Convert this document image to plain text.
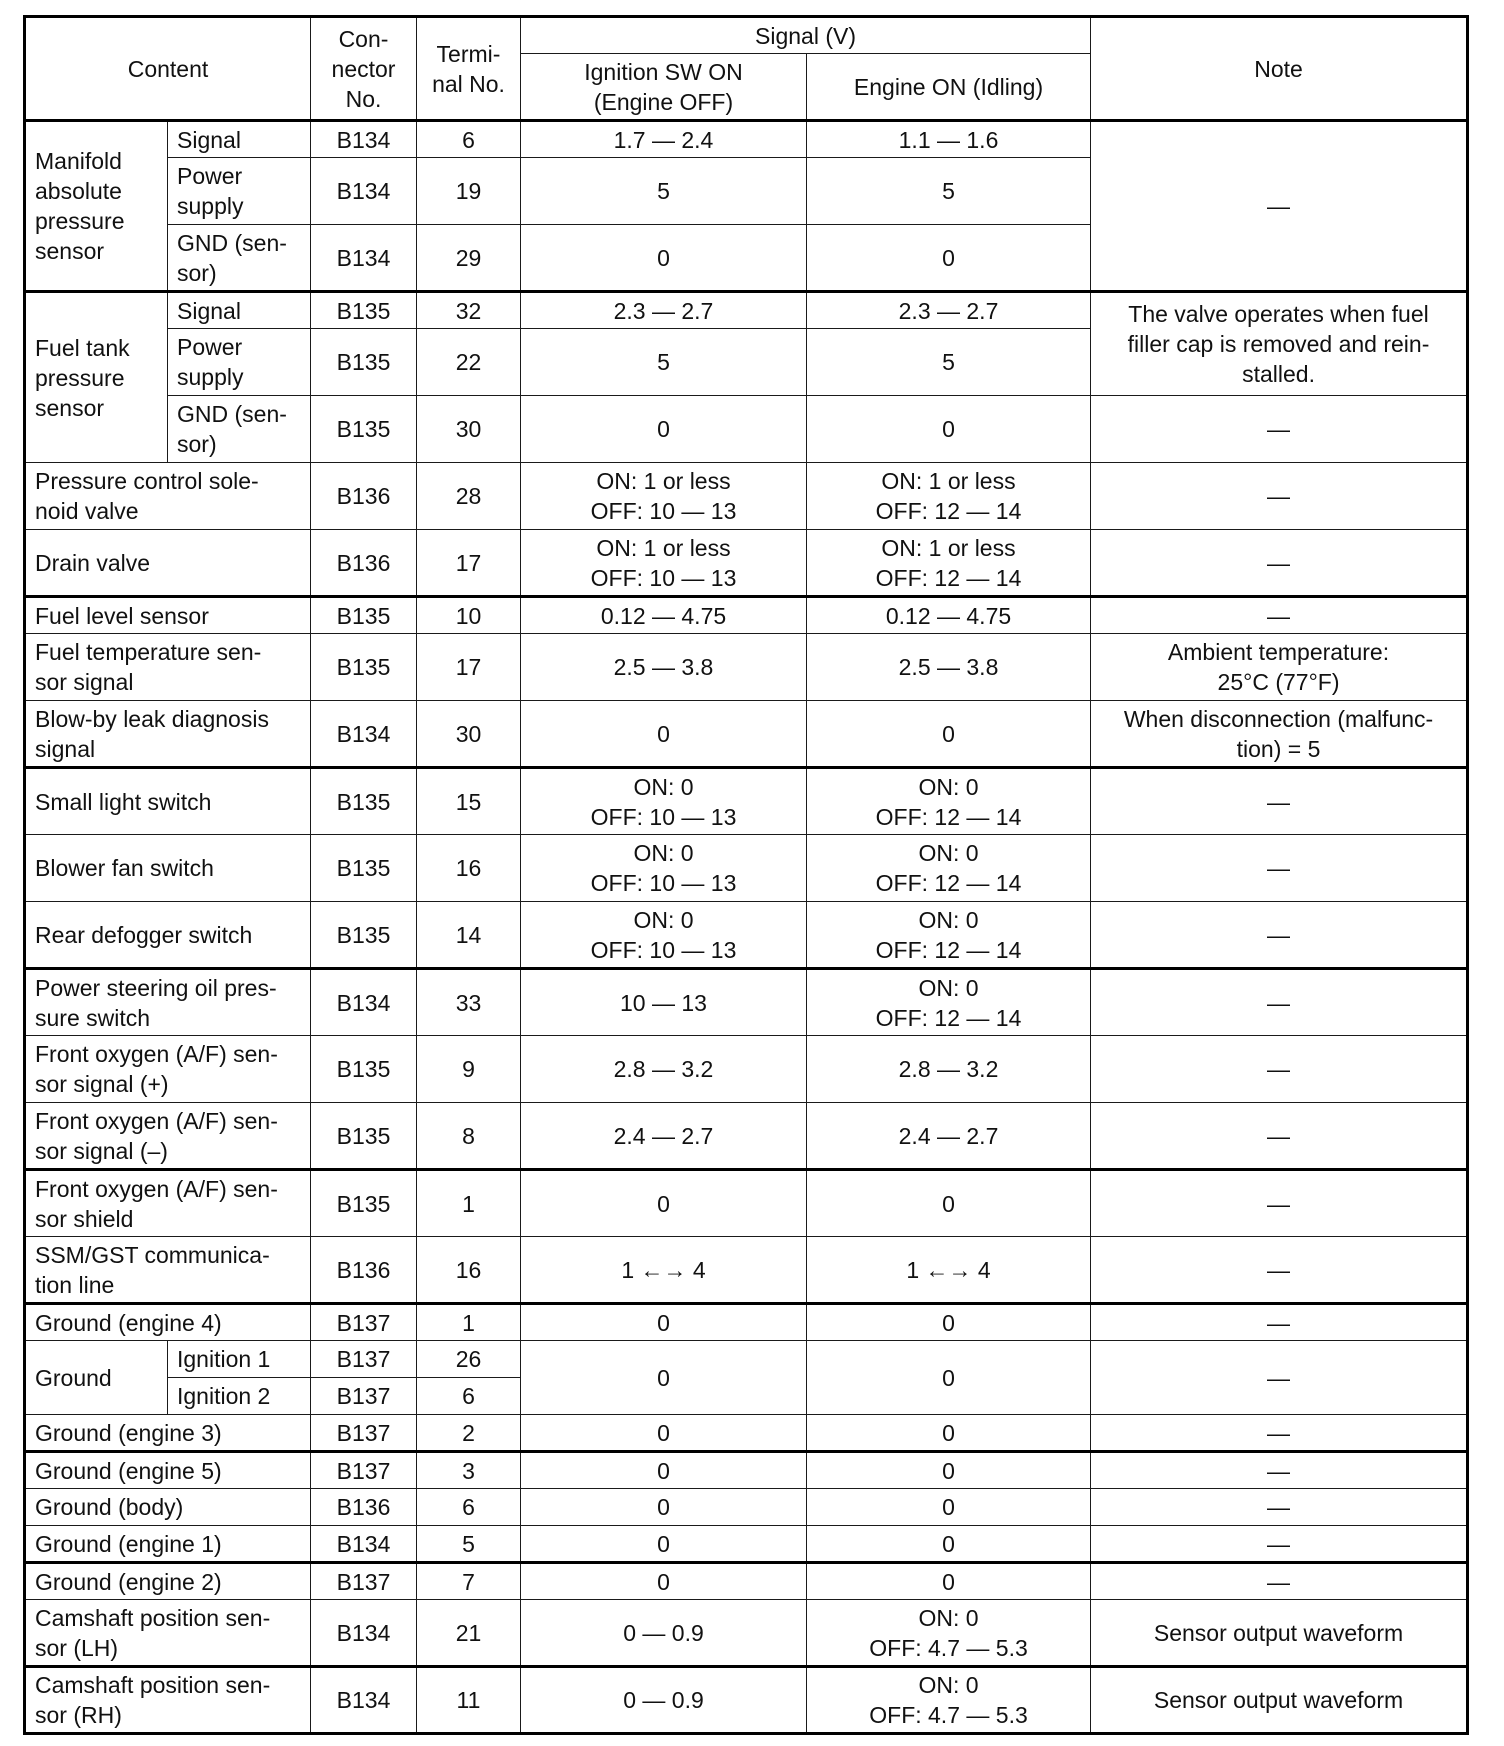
Content		Con-
nector
No.	Termi-
nal No.	Signal (V)		Note
				Ignition SW ON
(Engine OFF)	Engine ON (Idling)	
Manifold
absolute
pressure
sensor	Signal	B134	6	1.7 — 2.4	1.1 — 1.6	—
	Power
supply	B134	19	5	5	
	GND (sen-
sor)	B134	29	0	0	
Fuel tank
pressure
sensor	Signal	B135	32	2.3 — 2.7	2.3 — 2.7	The valve operates when fuel
filler cap is removed and rein-
stalled.
	Power
supply	B135	22	5	5	
	GND (sen-
sor)	B135	30	0	0	—
Pressure control sole-
noid valve		B136	28	ON: 1 or less
OFF: 10 — 13	ON: 1 or less
OFF: 12 — 14	—
Drain valve		B136	17	ON: 1 or less
OFF: 10 — 13	ON: 1 or less
OFF: 12 — 14	—
Fuel level sensor		B135	10	0.12 — 4.75	0.12 — 4.75	—
Fuel temperature sen-
sor signal		B135	17	2.5 — 3.8	2.5 — 3.8	Ambient temperature:
25°C (77°F)
Blow-by leak diagnosis
signal		B134	30	0	0	When disconnection (malfunc-
tion) = 5
Small light switch		B135	15	ON: 0
OFF: 10 — 13	ON: 0
OFF: 12 — 14	—
Blower fan switch		B135	16	ON: 0
OFF: 10 — 13	ON: 0
OFF: 12 — 14	—
Rear defogger switch		B135	14	ON: 0
OFF: 10 — 13	ON: 0
OFF: 12 — 14	—
Power steering oil pres-
sure switch		B134	33	10 — 13	ON: 0
OFF: 12 — 14	—
Front oxygen (A/F) sen-
sor signal (+)		B135	9	2.8 — 3.2	2.8 — 3.2	—
Front oxygen (A/F) sen-
sor signal (–)		B135	8	2.4 — 2.7	2.4 — 2.7	—
Front oxygen (A/F) sen-
sor shield		B135	1	0	0	—
SSM/GST communica-
tion line		B136	16	1 ←→ 4	1 ←→ 4	—
Ground (engine 4)		B137	1	0	0	—
Ground	Ignition 1	B137	26	0	0	—
	Ignition 2	B137	6			
Ground (engine 3)		B137	2	0	0	—
Ground (engine 5)		B137	3	0	0	—
Ground (body)		B136	6	0	0	—
Ground (engine 1)		B134	5	0	0	—
Ground (engine 2)		B137	7	0	0	—
Camshaft position sen-
sor (LH)		B134	21	0 — 0.9	ON: 0
OFF: 4.7 — 5.3	Sensor output waveform
Camshaft position sen-
sor (RH)		B134	11	0 — 0.9	ON: 0
OFF: 4.7 — 5.3	Sensor output waveform
